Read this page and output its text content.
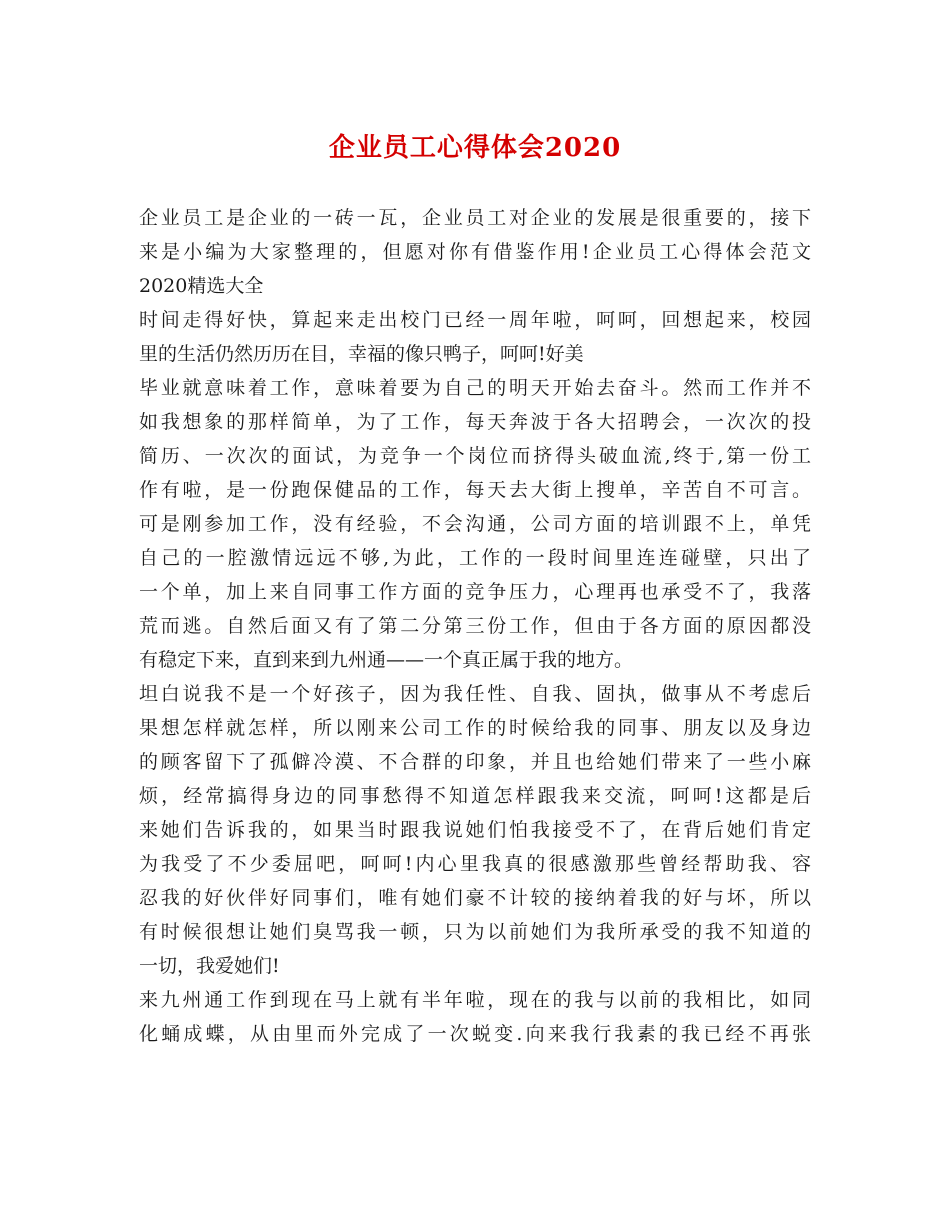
企业员工心得体会2020
企业员工是企业的一砖一瓦，企业员工对企业的发展是很重要的，接下
来是小编为大家整理的，但愿对你有借鉴作用!企业员工心得体会范文
2020精选大全
时间走得好快，算起来走出校门已经一周年啦，呵呵，回想起来，校园
里的生活仍然历历在目，幸福的像只鸭子，呵呵!好美
毕业就意味着工作，意味着要为自己的明天开始去奋斗。然而工作并不
如我想象的那样简单，为了工作，每天奔波于各大招聘会，一次次的投
简历、一次次的面试，为竞争一个岗位而挤得头破血流,终于,第一份工
作有啦，是一份跑保健品的工作，每天去大街上搜单，辛苦自不可言。
可是刚参加工作，没有经验，不会沟通，公司方面的培训跟不上，单凭
自己的一腔激情远远不够,为此，工作的一段时间里连连碰壁，只出了
一个单，加上来自同事工作方面的竞争压力，心理再也承受不了，我落
荒而逃。自然后面又有了第二分第三份工作，但由于各方面的原因都没
有稳定下来，直到来到九州通——一个真正属于我的地方。
坦白说我不是一个好孩子，因为我任性、自我、固执，做事从不考虑后
果想怎样就怎样，所以刚来公司工作的时候给我的同事、朋友以及身边
的顾客留下了孤僻冷漠、不合群的印象，并且也给她们带来了一些小麻
烦，经常搞得身边的同事愁得不知道怎样跟我来交流，呵呵!这都是后
来她们告诉我的，如果当时跟我说她们怕我接受不了，在背后她们肯定
为我受了不少委屈吧，呵呵!内心里我真的很感激那些曾经帮助我、容
忍我的好伙伴好同事们，唯有她们豪不计较的接纳着我的好与坏，所以
有时候很想让她们臭骂我一顿，只为以前她们为我所承受的我不知道的
一切，我爱她们!
来九州通工作到现在马上就有半年啦，现在的我与以前的我相比，如同
化蛹成蝶，从由里而外完成了一次蜕变.向来我行我素的我已经不再张
